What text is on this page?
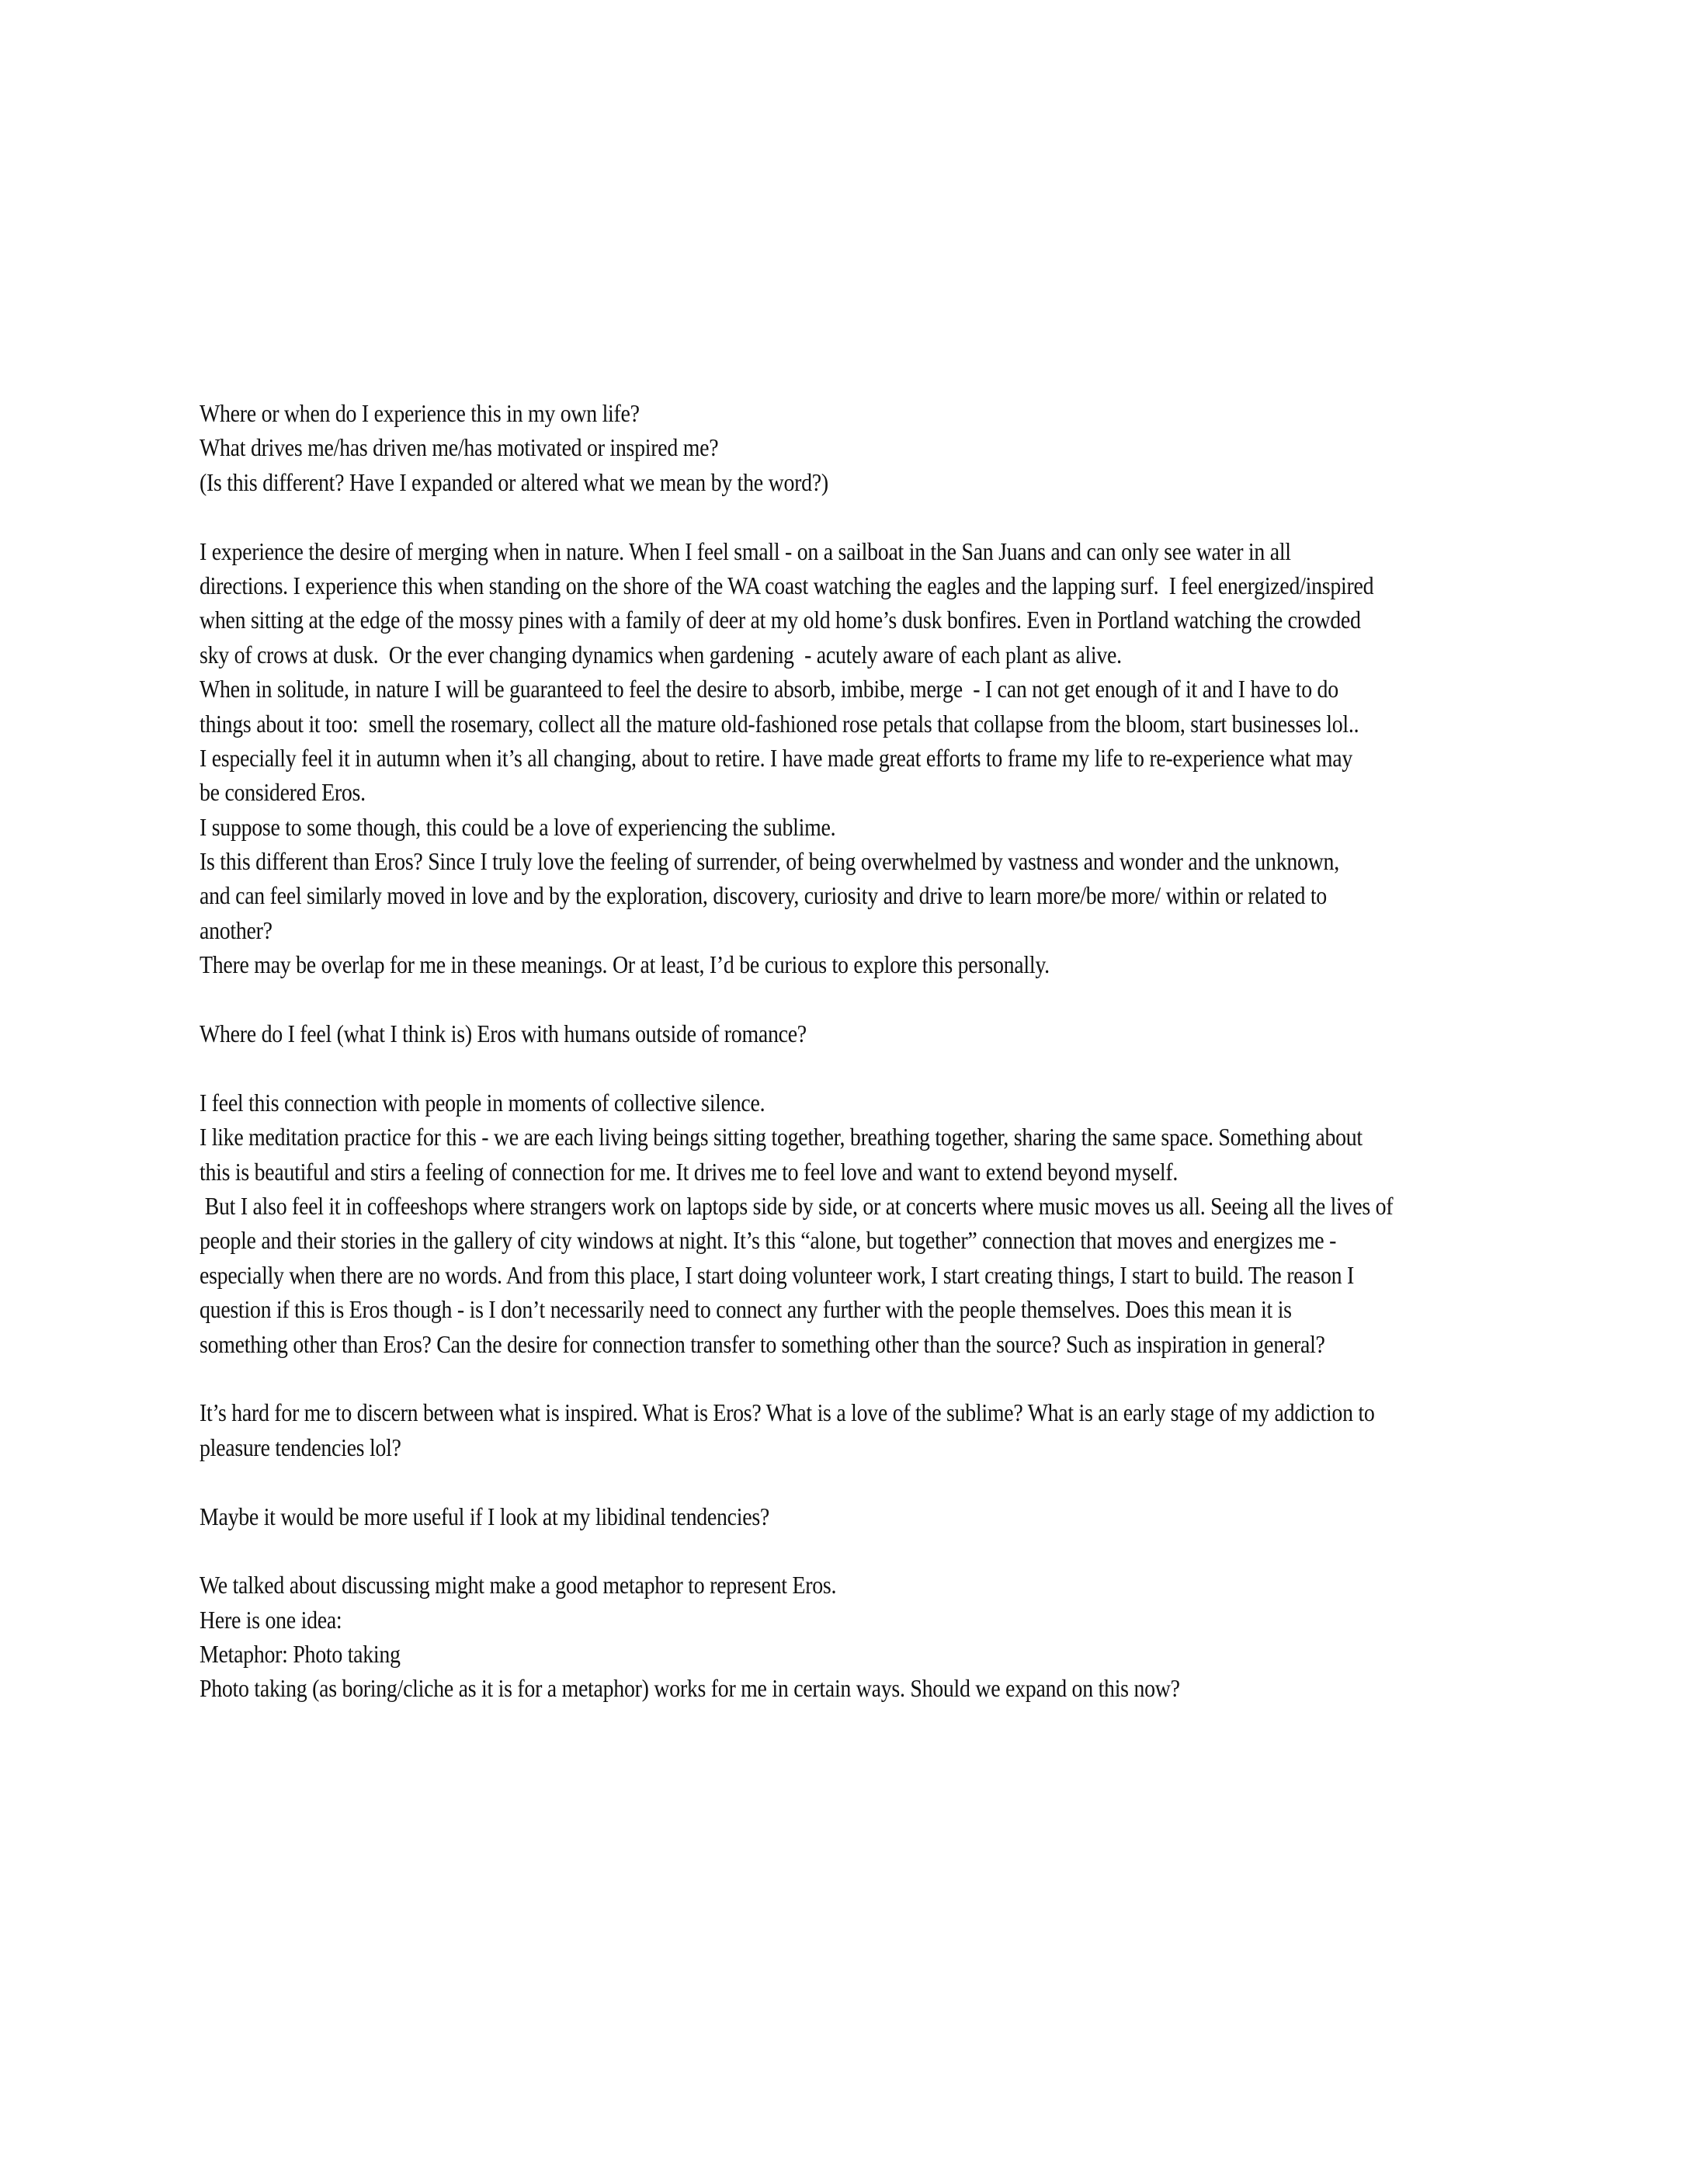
Where or when do I experience this in my own life?
What drives me/has driven me/has motivated or inspired me?
(Is this different? Have I expanded or altered what we mean by the word?)
I experience the desire of merging when in nature. When I feel small - on a sailboat in the San Juans and can only see water in all
directions. I experience this when standing on the shore of the WA coast watching the eagles and the lapping surf.  I feel energized/inspired
when sitting at the edge of the mossy pines with a family of deer at my old home’s dusk bonfires. Even in Portland watching the crowded
sky of crows at dusk.  Or the ever changing dynamics when gardening  - acutely aware of each plant as alive.
When in solitude, in nature I will be guaranteed to feel the desire to absorb, imbibe, merge  - I can not get enough of it and I have to do
things about it too:  smell the rosemary, collect all the mature old-fashioned rose petals that collapse from the bloom, start businesses lol..
I especially feel it in autumn when it’s all changing, about to retire. I have made great efforts to frame my life to re-experience what may
be considered Eros.
I suppose to some though, this could be a love of experiencing the sublime.
Is this different than Eros? Since I truly love the feeling of surrender, of being overwhelmed by vastness and wonder and the unknown,
and can feel similarly moved in love and by the exploration, discovery, curiosity and drive to learn more/be more/ within or related to
another?
There may be overlap for me in these meanings. Or at least, I’d be curious to explore this personally.
Where do I feel (what I think is) Eros with humans outside of romance?
I feel this connection with people in moments of collective silence.
I like meditation practice for this - we are each living beings sitting together, breathing together, sharing the same space. Something about
this is beautiful and stirs a feeling of connection for me. It drives me to feel love and want to extend beyond myself.
But I also feel it in coffeeshops where strangers work on laptops side by side, or at concerts where music moves us all. Seeing all the lives of
people and their stories in the gallery of city windows at night. It’s this “alone, but together” connection that moves and energizes me -
especially when there are no words. And from this place, I start doing volunteer work, I start creating things, I start to build. The reason I
question if this is Eros though - is I don’t necessarily need to connect any further with the people themselves. Does this mean it is
something other than Eros? Can the desire for connection transfer to something other than the source? Such as inspiration in general?
It’s hard for me to discern between what is inspired. What is Eros? What is a love of the sublime? What is an early stage of my addiction to
pleasure tendencies lol?
Maybe it would be more useful if I look at my libidinal tendencies?
We talked about discussing might make a good metaphor to represent Eros.
Here is one idea:
Metaphor: Photo taking
Photo taking (as boring/cliche as it is for a metaphor) works for me in certain ways. Should we expand on this now?
